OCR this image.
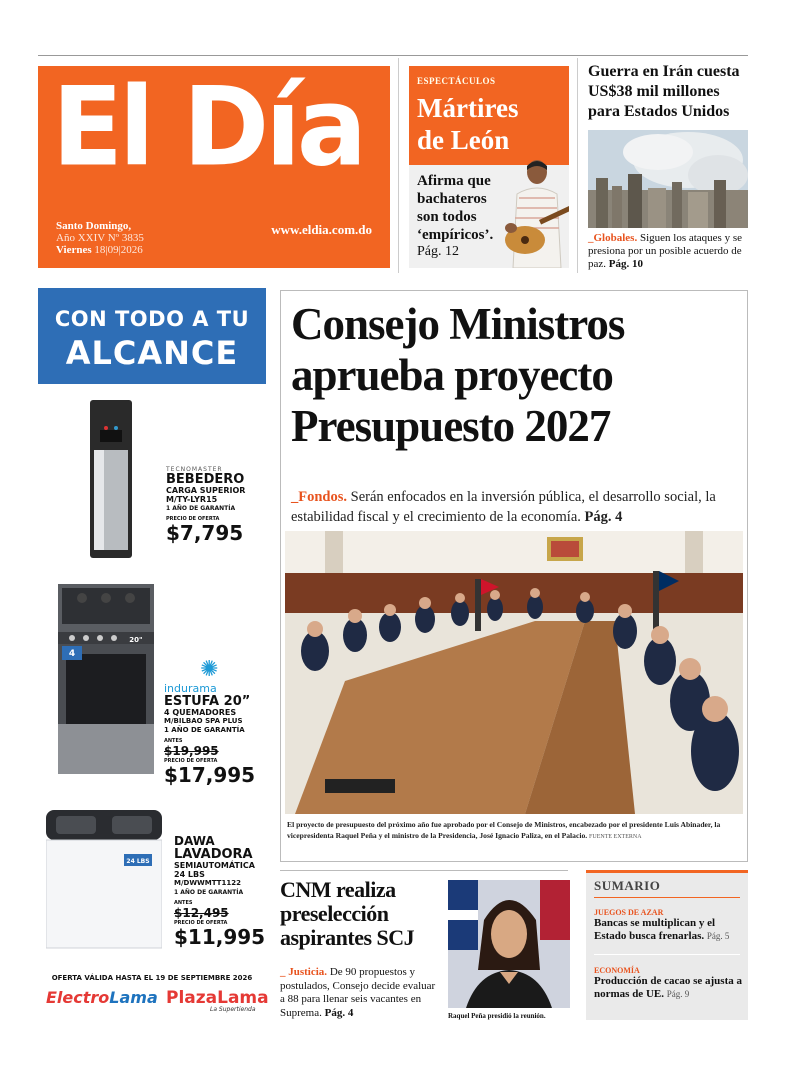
El Día
Santo Domingo,
Año XXIV Nº 3835
Viernes 18|09|2026
www.eldia.com.do
ESPECTÁCULOS
Mártires
de León
Afirma que
bachateros
son todos
‘empíricos’.
Pág. 12
Guerra en Irán cuesta US$38 mil millones para Estados Unidos
_Globales. Siguen los ataques y se presiona por un posible acuerdo de paz. Pág. 10
CON TODO A TU
ALCANCE
TECNOMASTER
BEBEDERO
CARGA SUPERIOR
M/TY-LYR15
1 AÑO DE GARANTÍA
PRECIO DE OFERTA
$7,795
4
20"
✺
indurama
ESTUFA 20”
4 QUEMADORES
M/BILBAO SPA PLUS
1 AÑO DE GARANTÍA
ANTES
$19,995
PRECIO DE OFERTA
$17,995
24 LBS
DAWA
LAVADORA
SEMIAUTOMÁTICA
24 LBS
M/DWWMTT1122
1 AÑO DE GARANTÍA
ANTES
$12,495
PRECIO DE OFERTA
$11,995
OFERTA VÁLIDA HASTA EL 19 DE SEPTIEMBRE 2026
ElectroLama PlazaLama
La Supertienda
Consejo Ministros
aprueba proyecto
Presupuesto 2027
_Fondos. Serán enfocados en la inversión pública, el desarrollo social, la estabilidad fiscal y el crecimiento de la economía. Pág. 4
El proyecto de presupuesto del próximo año fue aprobado por el Consejo de Ministros, encabezado por el presidente Luis Abinader, la vicepresidenta Raquel Peña y el ministro de la Presidencia, José Ignacio Paliza, en el Palacio. FUENTE EXTERNA
CNM realiza
preselección
aspirantes SCJ
_ Justicia. De 90 propuestos y postulados, Consejo decide evaluar a 88 para llenar seis vacantes en Suprema. Pág. 4	Raquel Peña presidió la reunión.
SUMARIO
JUEGOS DE AZAR
Bancas se multiplican y el Estado busca frenarlas. Pág. 5
ECONOMÍA
Producción de cacao se ajusta a normas de UE. Pág. 9
